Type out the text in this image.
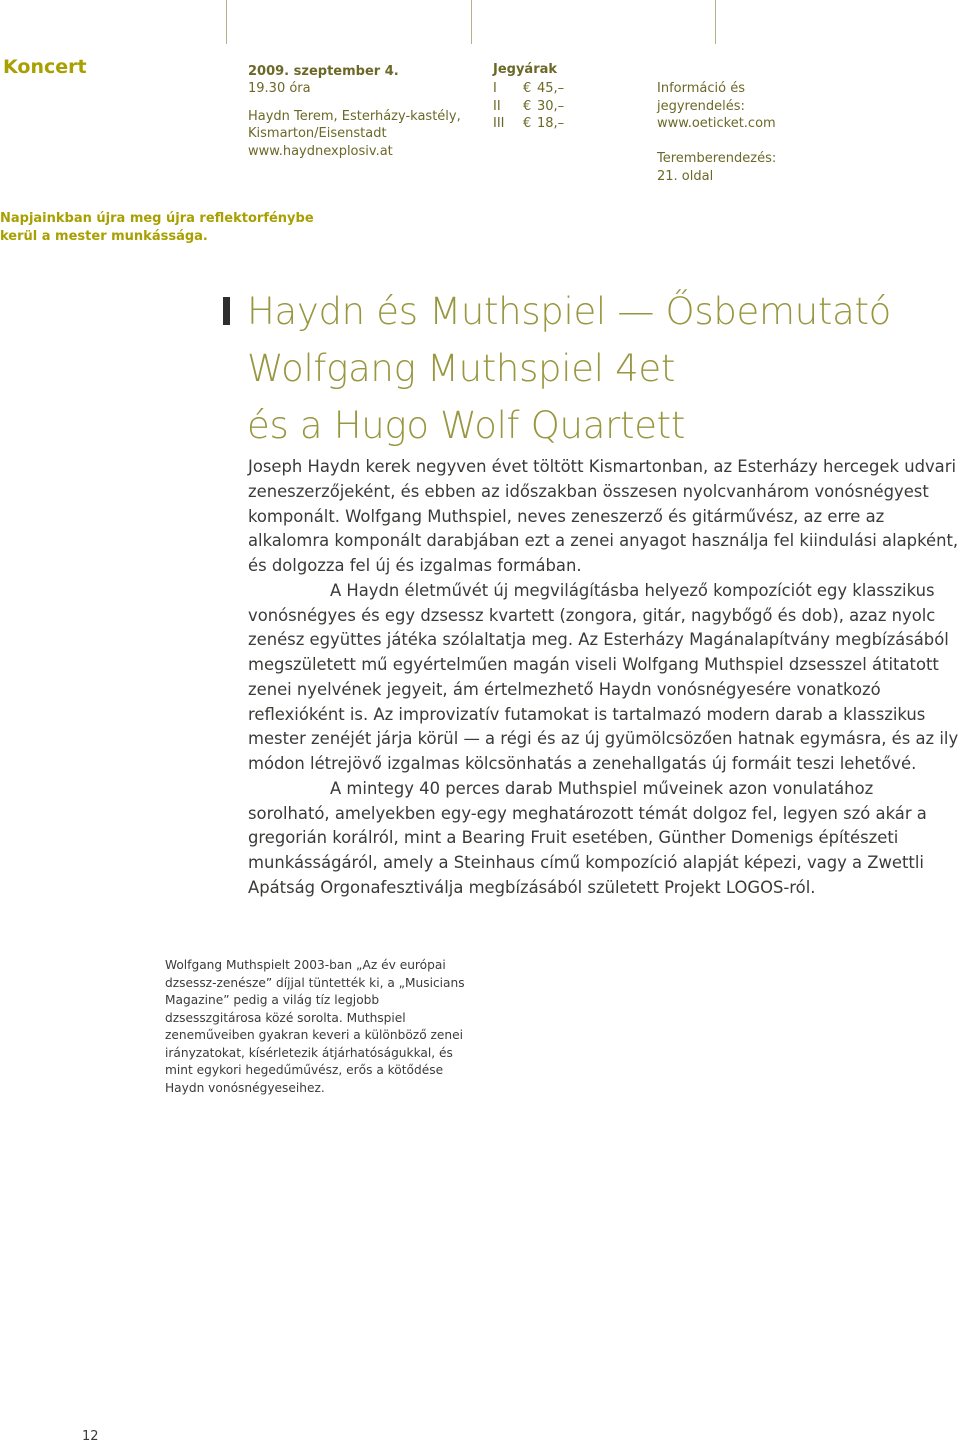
Koncert
Napjainkban újra meg újra reflektorfénybe kerül a mester munkássága.
2009. szeptember 4.
19.30 óra
Haydn Terem, Esterházy-kastély,
Kismarton/Eisenstadt
www.haydnexplosiv.at
Jegyárak
I	€ 45,–
II	€ 30,–
III	€ 18,–
Információ és
jegyrendelés:
www.oeticket.com
Teremberendezés:
21. oldal
Haydn és Muthspiel — Ősbemutató
Wolfgang Muthspiel 4et
és a Hugo Wolf Quartett

Joseph Haydn kerek negyven évet töltött Kismartonban, az Esterházy hercegek udvari zeneszerzőjeként, és ebben az időszakban összesen nyolcvanhárom vonósnégyest komponált. Wolfgang Muthspiel, neves zeneszerző és gitárművész, az erre az alkalomra komponált darabjában ezt a zenei anyagot használja fel kiindulási alapként, és dolgozza fel új és izgalmas formában.

A Haydn életművét új megvilágításba helyező kompozíciót egy klasszikus vonósnégyes és egy dzsessz kvartett (zongora, gitár, nagybőgő és dob), azaz nyolc zenész együttes játéka szólaltatja meg. Az Esterházy Magánalapítvány megbízásából megszületett mű egyértelműen magán viseli Wolfgang Muthspiel dzsesszel átitatott zenei nyelvének jegyeit, ám értelmezhető Haydn vonósnégyesére vonatkozó reflexióként is. Az improvizatív futamokat is tartalmazó modern darab a klasszikus mester zenéjét járja körül — a régi és az új gyümölcsözően hatnak egymásra, és az ily módon létrejövő izgalmas kölcsönhatás a zenehallgatás új formáit teszi lehetővé.

A mintegy 40 perces darab Muthspiel műveinek azon vonulatához sorolható, amelyekben egy-egy meghatározott témát dolgoz fel, legyen szó akár a gregorián korálról, mint a Bearing Fruit esetében, Günther Domenigs építészeti munkásságáról, amely a Steinhaus című kompozíció alapját képezi, vagy a Zwettli Apátság Orgonafesztiválja megbízásából született Projekt LOGOS-ról.

Wolfgang Muthspielt 2003-ban „Az év európai dzsessz-zenésze” díjjal tüntették ki, a „Musicians Magazine” pedig a világ tíz legjobb dzsesszgitárosa közé sorolta. Muthspiel zeneműveiben gyakran keveri a különböző zenei irányzatokat, kísérletezik átjárhatóságukkal, és mint egykori hegedűművész, erős a kötődése Haydn vonósnégyeseihez.
12
